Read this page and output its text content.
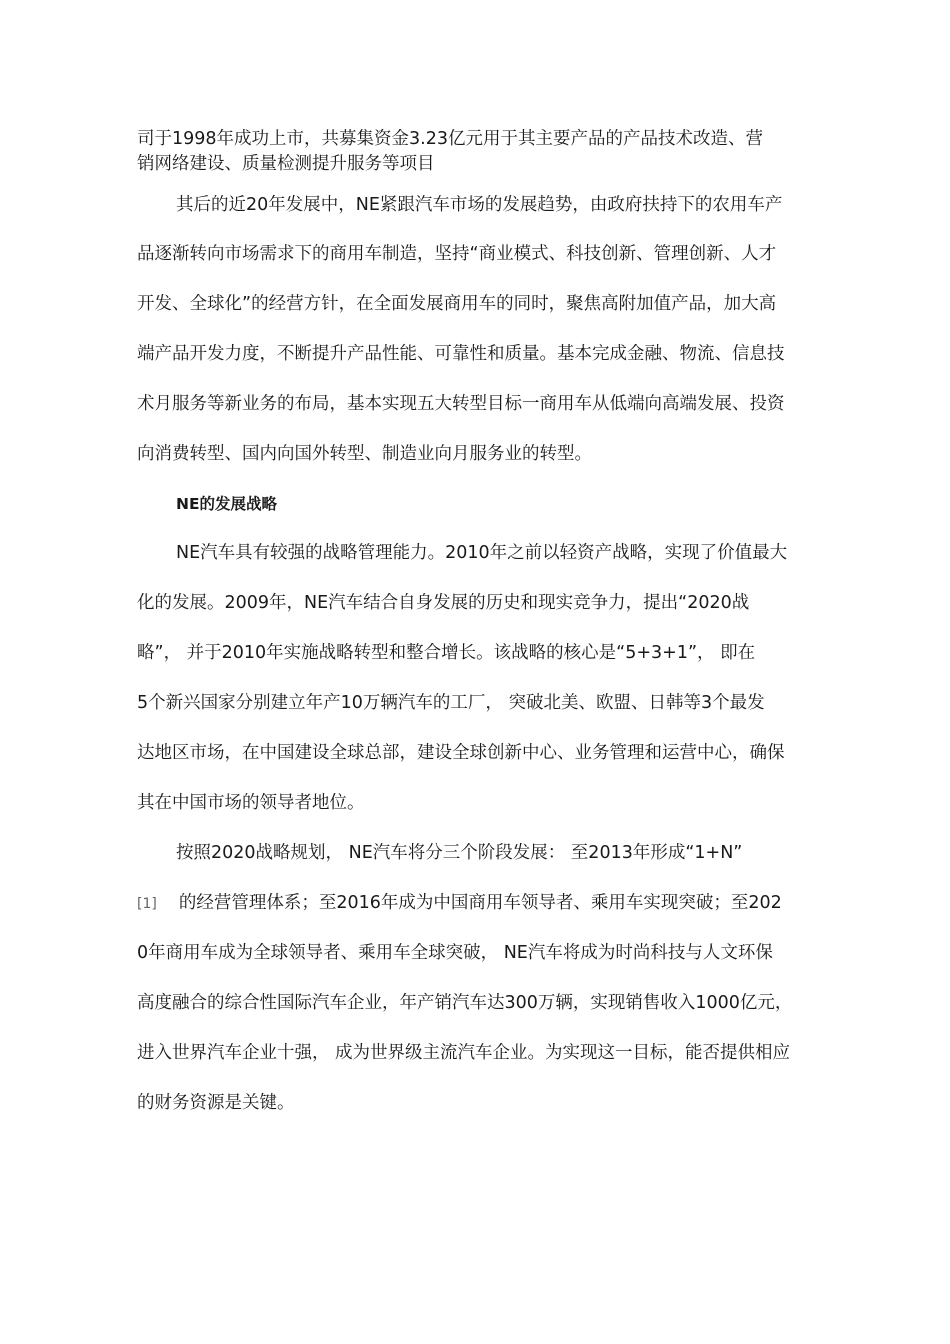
司于1998年成功上市，共募集资金3.23亿元用于其主要产品的产品技术改造、营
销网络建设、质量检测提升服务等项目
其后的近20年发展中，NE紧跟汽车市场的发展趋势，由政府扶持下的农用车产
品逐渐转向市场需求下的商用车制造，坚持“商业模式、科技创新、管理创新、人才
开发、全球化”的经营方针，在全面发展商用车的同时，聚焦高附加值产品，加大高
端产品开发力度，不断提升产品性能、可靠性和质量。基本完成金融、物流、信息技
术月服务等新业务的布局，基本实现五大转型目标一商用车从低端向高端发展、投资
向消费转型、国内向国外转型、制造业向月服务业的转型。
NE的发展战略
NE汽车具有较强的战略管理能力。2010年之前以轻资产战略，实现了价值最大
化的发展。2009年，NE汽车结合自身发展的历史和现实竞争力，提出“2020战
略”， 并于2010年实施战略转型和整合增长。该战略的核心是“5+3+1”， 即在
5个新兴国家分别建立年产10万辆汽车的工厂， 突破北美、欧盟、日韩等3个最发
达地区市场，在中国建设全球总部，建设全球创新中心、业务管理和运营中心，确保
其在中国市场的领导者地位。
按照2020战略规划， NE汽车将分三个阶段发展： 至2013年形成“1+N”
[1] 的经营管理体系；至2016年成为中国商用车领导者、乘用车实现突破；至202
0年商用车成为全球领导者、乘用车全球突破， NE汽车将成为时尚科技与人文环保
高度融合的综合性国际汽车企业，年产销汽车达300万辆，实现销售收入1000亿元，
进入世界汽车企业十强， 成为世界级主流汽车企业。为实现这一目标，能否提供相应
的财务资源是关键。
